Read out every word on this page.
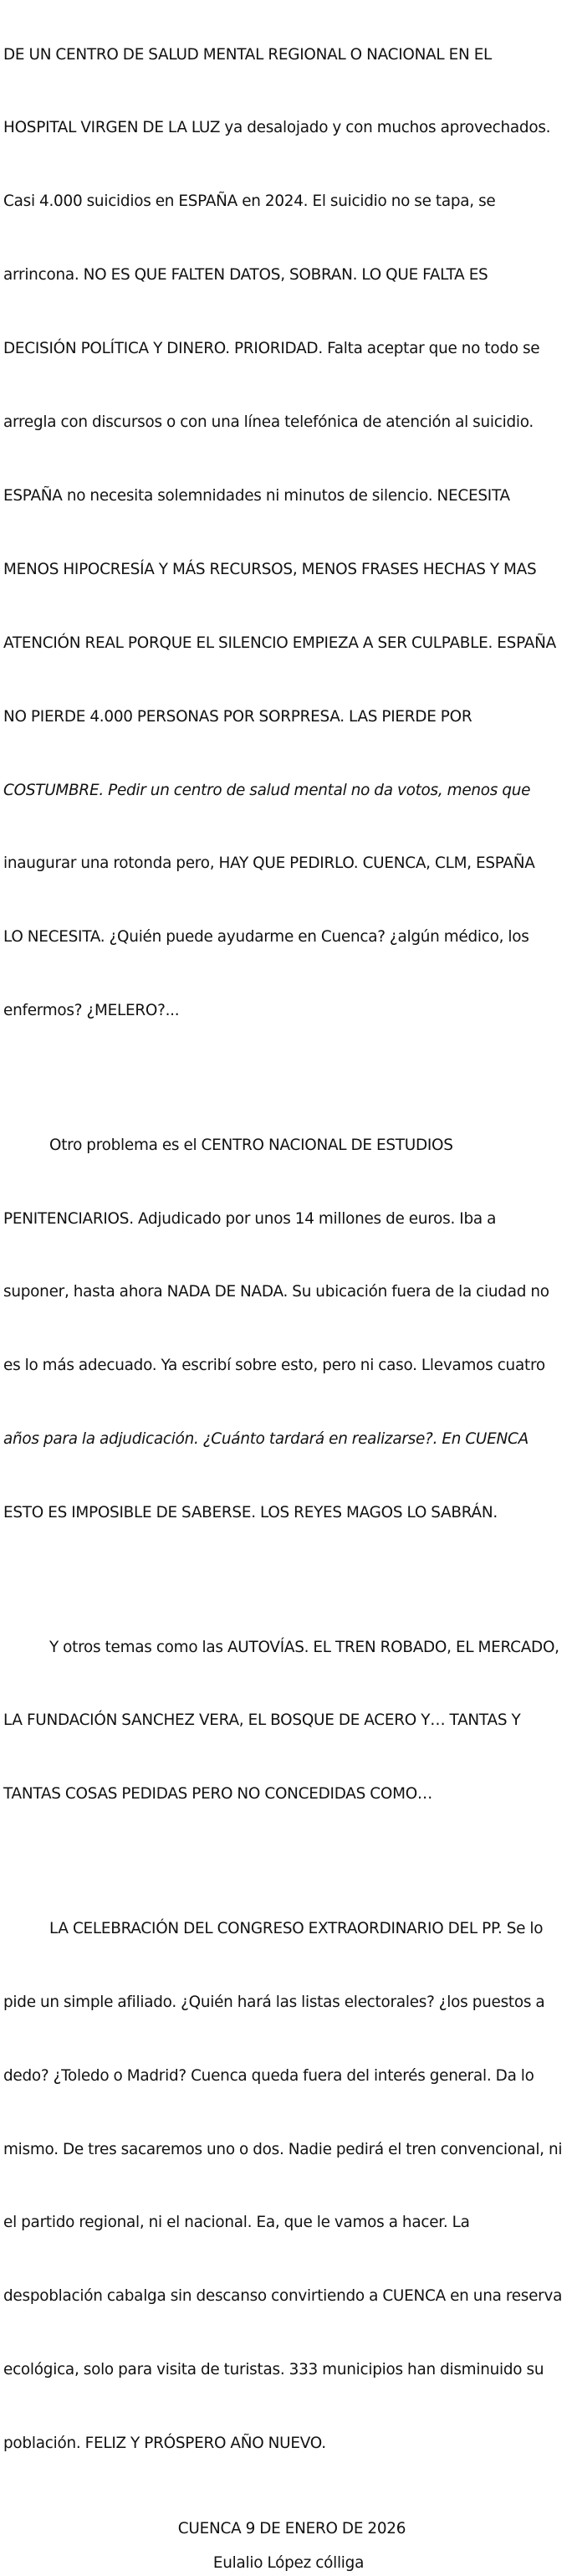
DE UN CENTRO DE SALUD MENTAL REGIONAL O NACIONAL EN EL

HOSPITAL VIRGEN DE LA LUZ ya desalojado y con muchos aprovechados.

Casi 4.000 suicidios en ESPAÑA en 2024. El suicidio no se tapa, se

arrincona. NO ES QUE FALTEN DATOS, SOBRAN. LO QUE FALTA ES

DECISIÓN POLÍTICA Y DINERO. PRIORIDAD. Falta aceptar que no todo se

arregla con discursos o con una línea telefónica de atención al suicidio.

ESPAÑA no necesita solemnidades ni minutos de silencio. NECESITA

MENOS HIPOCRESÍA Y MÁS RECURSOS, MENOS FRASES HECHAS Y MAS

ATENCIÓN REAL PORQUE EL SILENCIO EMPIEZA A SER CULPABLE. ESPAÑA

NO PIERDE 4.000 PERSONAS POR SORPRESA. LAS PIERDE POR

COSTUMBRE. Pedir un centro de salud mental no da votos, menos que

inaugurar una rotonda pero, HAY QUE PEDIRLO. CUENCA, CLM, ESPAÑA

LO NECESITA. ¿Quién puede ayudarme en Cuenca? ¿algún médico, los

enfermos? ¿MELERO?...

Otro problema es el CENTRO NACIONAL DE ESTUDIOS

PENITENCIARIOS. Adjudicado por unos 14 millones de euros. Iba a

suponer, hasta ahora NADA DE NADA. Su ubicación fuera de la ciudad no

es lo más adecuado. Ya escribí sobre esto, pero ni caso. Llevamos cuatro

años para la adjudicación. ¿Cuánto tardará en realizarse?. En CUENCA

ESTO ES IMPOSIBLE DE SABERSE. LOS REYES MAGOS LO SABRÁN.

Y otros temas como las AUTOVÍAS. EL TREN ROBADO, EL MERCADO,

LA FUNDACIÓN SANCHEZ VERA, EL BOSQUE DE ACERO Y… TANTAS Y

TANTAS COSAS PEDIDAS PERO NO CONCEDIDAS COMO…

LA CELEBRACIÓN DEL CONGRESO EXTRAORDINARIO DEL PP. Se lo

pide un simple afiliado. ¿Quién hará las listas electorales? ¿los puestos a

dedo? ¿Toledo o Madrid? Cuenca queda fuera del interés general. Da lo

mismo. De tres sacaremos uno o dos. Nadie pedirá el tren convencional, ni

el partido regional, ni el nacional. Ea, que le vamos a hacer. La

despoblación cabalga sin descanso convirtiendo a CUENCA en una reserva

ecológica, solo para visita de turistas. 333 municipios han disminuido su

población. FELIZ Y PRÓSPERO AÑO NUEVO.

CUENCA 9 DE ENERO DE 2026

Eulalio López cólliga
